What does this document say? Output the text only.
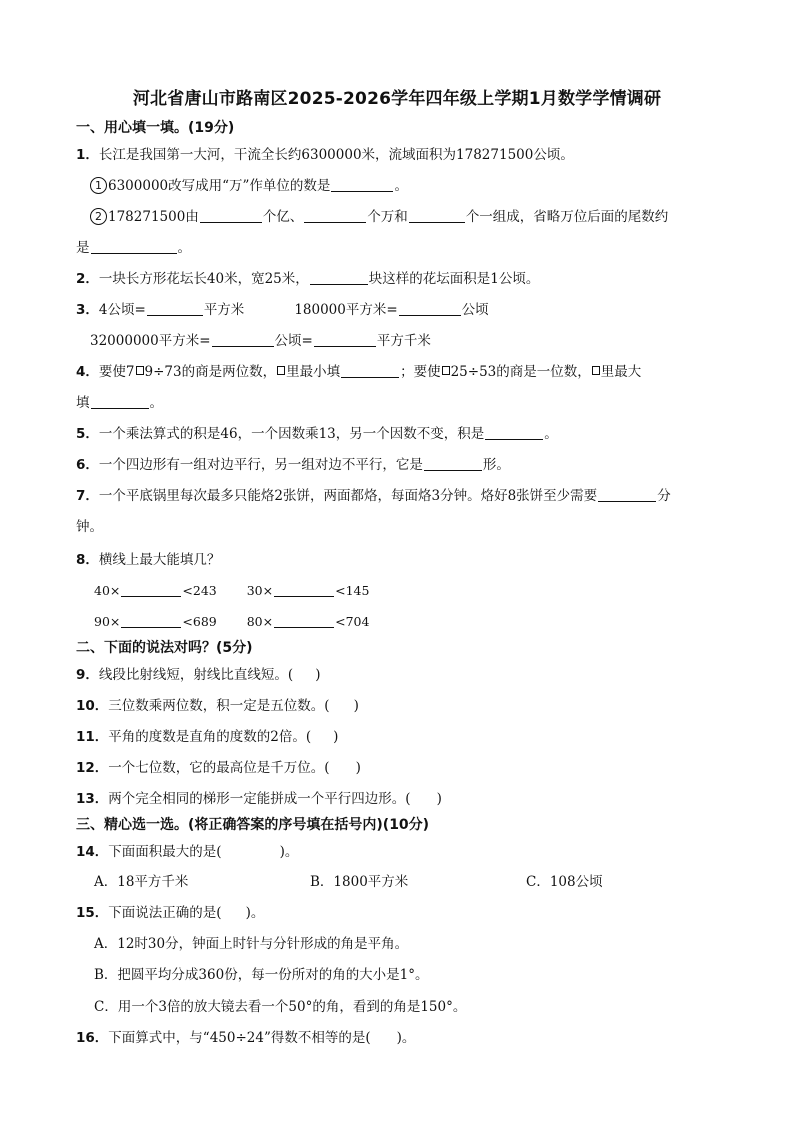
河北省唐山市路南区2025-2026学年四年级上学期1月数学学情调研
一、用心填一填。(19分)
1．长江是我国第一大河，干流全长约6300000米，流域面积为178271500公顷。
1 6300000改写成用“万”作单位的数是	。
2 178271500由	个亿、	个万和	个一组成，省略万位后面的尾数约
是	。
2．一块长方形花坛长40米，宽25米，	块这样的花坛面积是1公顷。
3．4公顷=	平方米	180000平方米=	公顷
32000000平方米=	公顷=	平方千米
4．要使7 9÷73的商是两位数， 里最小填	；要使 25÷53的商是一位数， 里最大
填	。
5．一个乘法算式的积是46，一个因数乘13，另一个因数不变，积是	。
6．一个四边形有一组对边平行，另一组对边不平行，它是	形。
7．一个平底锅里每次最多只能烙2张饼，两面都烙，每面烙3分钟。烙好8张饼至少需要	分
钟。
8．横线上最大能填几？
40×	<243 30×	<145
90×	<689 80×	<704
二、下面的说法对吗？(5分)
9．线段比射线短，射线比直线短。( )
10．三位数乘两位数，积一定是五位数。( )
11．平角的度数是直角的度数的2倍。( )
12．一个七位数，它的最高位是千万位。( )
13．两个完全相同的梯形一定能拼成一个平行四边形。( )
三、精心选一选。(将正确答案的序号填在括号内)(10分)
14．下面面积最大的是(	)。
A．18平方千米	B．1800平方米	C．108公顷
15．下面说法正确的是( )。
A．12时30分，钟面上时针与分针形成的角是平角。
B．把圆平均分成360份，每一份所对的角的大小是1°。
C．用一个3倍的放大镜去看一个50°的角，看到的角是150°。
16．下面算式中，与“450÷24”得数不相等的是( )。
